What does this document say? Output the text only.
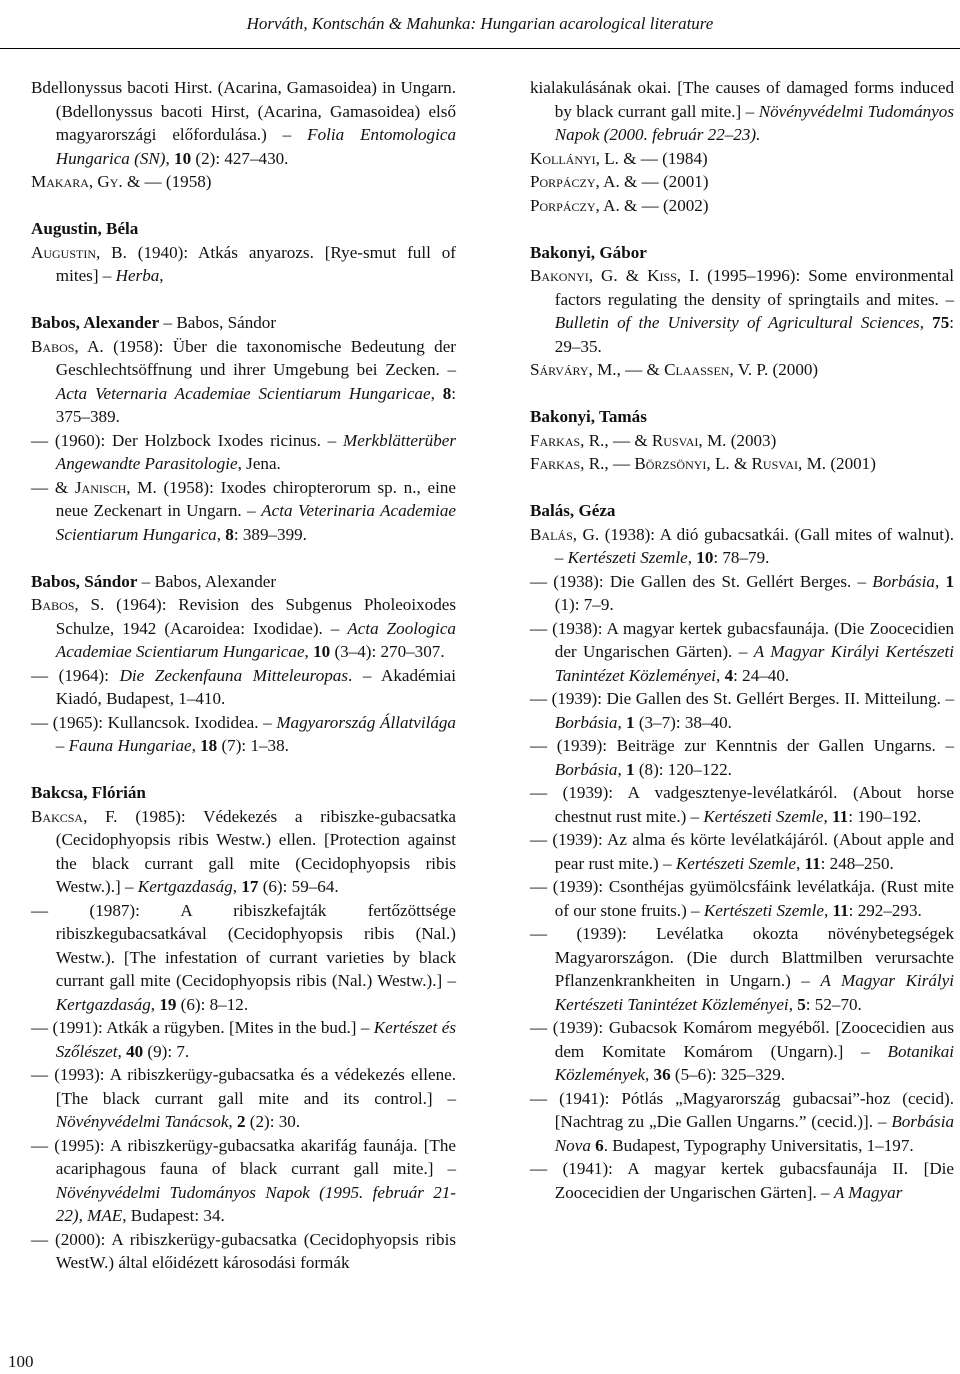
Horváth, Kontschán & Mahunka: Hungarian acarological literature

Bdellonyssus bacoti Hirst. (Acarina, Gamasoidea) in Ungarn. (Bdellonyssus bacoti Hirst, (Acarina, Gamasoidea) első magyarországi előfordulása.) – Folia Entomologica Hungarica (SN), 10 (2): 427–430.

Makara, Gy. & — (1958)

Augustin, Béla

Augustin, B. (1940): Atkás anyarozs. [Rye-smut full of mites] – Herba,

Babos, Alexander – Babos, Sándor

Babos, A. (1958): Über die taxonomische Bedeutung der Geschlechtsöffnung und ihrer Umgebung bei Zecken. – Acta Veternaria Academiae Scientiarum Hungaricae, 8: 375–389.

— (1960): Der Holzbock Ixodes ricinus. – Merkblätterüber Angewandte Parasitologie, Jena.

— & Janisch, M. (1958): Ixodes chiropterorum sp. n., eine neue Zeckenart in Ungarn. – Acta Veterinaria Academiae Scientiarum Hungarica, 8: 389–399.

Babos, Sándor – Babos, Alexander

Babos, S. (1964): Revision des Subgenus Pholeoixodes Schulze, 1942 (Acaroidea: Ixodidae). – Acta Zoologica Academiae Scientiarum Hungaricae, 10 (3–4): 270–307.

— (1964): Die Zeckenfauna Mitteleuropas. – Akadémiai Kiadó, Budapest, 1–410.

— (1965): Kullancsok. Ixodidea. – Magyarország Állatvilága – Fauna Hungariae, 18 (7): 1–38.

Bakcsa, Flórián

Bakcsa, F. (1985): Védekezés a ribiszke-gubacsatka (Cecidophyopsis ribis Westw.) ellen. [Protection against the black currant gall mite (Cecidophyopsis ribis Westw.).] – Kertgazdaság, 17 (6): 59–64.

— (1987): A ribiszkefajták fertőzöttsége ribiszkegubacsatkával (Cecidophyopsis ribis (Nal.) Westw.). [The infestation of currant varieties by black currant gall mite (Cecidophyopsis ribis (Nal.) Westw.).] – Kertgazdaság, 19 (6): 8–12.

— (1991): Atkák a rügyben. [Mites in the bud.] – Kertészet és Szőlészet, 40 (9): 7.

— (1993): A ribiszkerügy-gubacsatka és a védekezés ellene. [The black currant gall mite and its control.] – Növényvédelmi Tanácsok, 2 (2): 30.

— (1995): A ribiszkerügy-gubacsatka akarifág faunája. [The acariphagous fauna of black currant gall mite.] – Növényvédelmi Tudományos Napok (1995. február 21-22), MAE, Budapest: 34.

— (2000): A ribiszkerügy-gubacsatka (Cecidophyopsis ribis WestW.) által előidézett károsodási formák

kialakulásának okai. [The causes of damaged forms induced by black currant gall mite.] – Növényvédelmi Tudományos Napok (2000. február 22–23).

Kollányi, L. & — (1984)

Porpáczy, A. & — (2001)

Porpáczy, A. & — (2002)

Bakonyi, Gábor

Bakonyi, G. & Kiss, I. (1995–1996): Some environmental factors regulating the density of springtails and mites. – Bulletin of the University of Agricultural Sciences, 75: 29–35.

Sárváry, M., — & Claassen, V. P. (2000)

Bakonyi, Tamás

Farkas, R., — & Rusvai, M. (2003)

Farkas, R., — Börzsönyi, L. & Rusvai, M. (2001)

Balás, Géza

Balás, G. (1938): A dió gubacsatkái. (Gall mites of walnut). – Kertészeti Szemle, 10: 78–79.

— (1938): Die Gallen des St. Gellért Berges. – Borbásia, 1 (1): 7–9.

— (1938): A magyar kertek gubacsfaunája. (Die Zoocecidien der Ungarischen Gärten). – A Magyar Királyi Kertészeti Tanintézet Közleményei, 4: 24–40.

— (1939): Die Gallen des St. Gellért Berges. II. Mitteilung. – Borbásia, 1 (3–7): 38–40.

— (1939): Beiträge zur Kenntnis der Gallen Ungarns. – Borbásia, 1 (8): 120–122.

— (1939): A vadgesztenye-levélatkáról. (About horse chestnut rust mite.) – Kertészeti Szemle, 11: 190–192.

— (1939): Az alma és körte levélatkájáról. (About apple and pear rust mite.) – Kertészeti Szemle, 11: 248–250.

— (1939): Csonthéjas gyümölcsfáink levélatkája. (Rust mite of our stone fruits.) – Kertészeti Szemle, 11: 292–293.

— (1939): Levélatka okozta növénybetegségek Magyarországon. (Die durch Blattmilben verursachte Pflanzenkrankheiten in Ungarn.) – A Magyar Királyi Kertészeti Tanintézet Közleményei, 5: 52–70.

— (1939): Gubacsok Komárom megyéből. [Zoocecidien aus dem Komitate Komárom (Ungarn).] – Botanikai Közlemények, 36 (5–6): 325–329.

— (1941): Pótlás „Magyarország gubacsai”-hoz (cecid). [Nachtrag zu „Die Gallen Ungarns.” (cecid.)]. – Borbásia Nova 6. Budapest, Typography Universitatis, 1–197.

— (1941): A magyar kertek gubacsfaunája II. [Die Zoocecidien der Ungarischen Gärten]. – A Magyar

100
